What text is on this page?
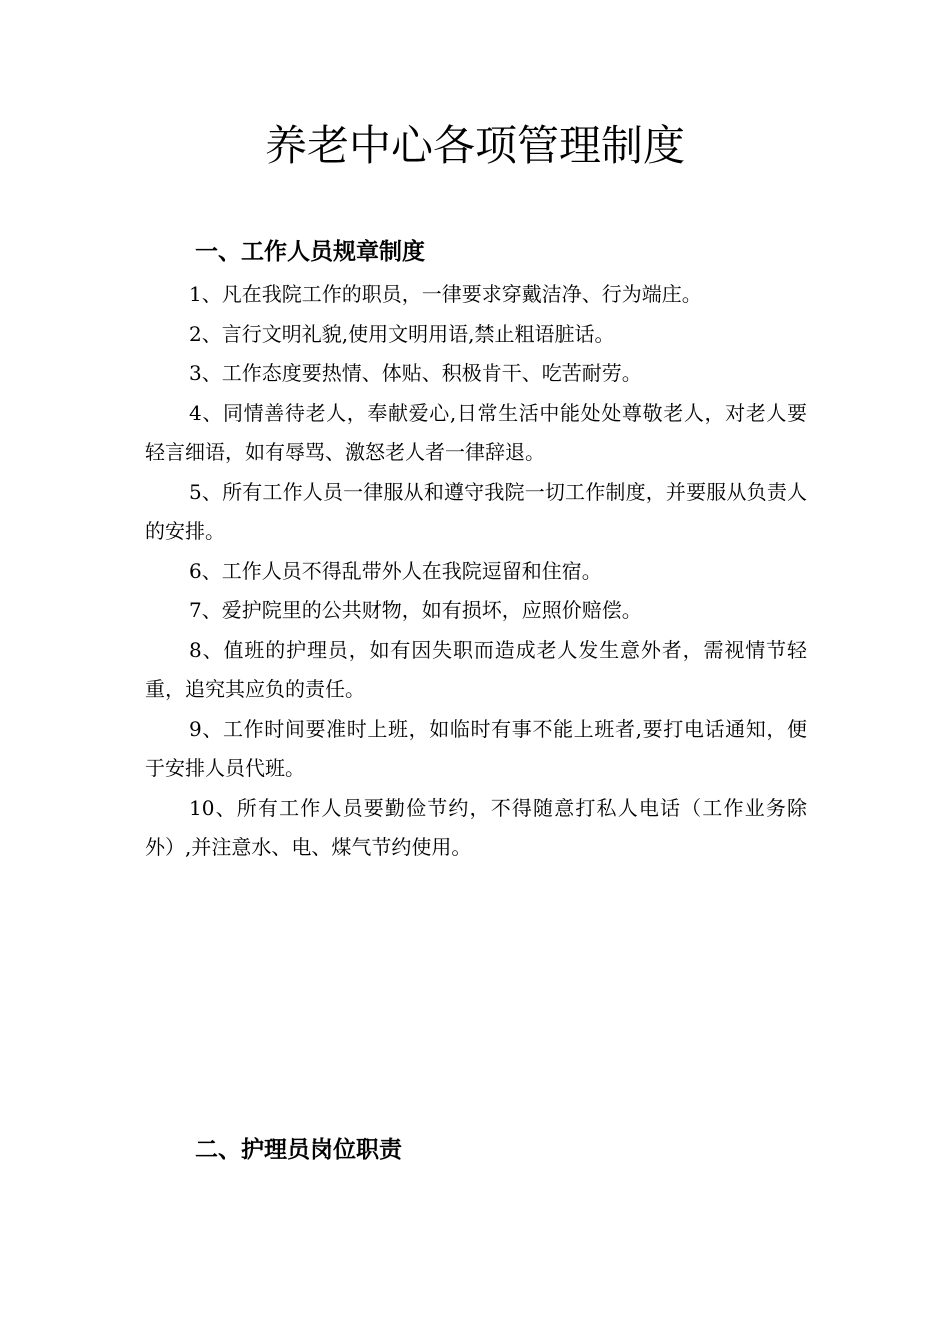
养老中心各项管理制度
一、工作人员规章制度
1、凡在我院工作的职员，一律要求穿戴洁净、行为端庄。
2、言行文明礼貌,使用文明用语,禁止粗语脏话。
3、工作态度要热情、体贴、积极肯干、吃苦耐劳。
4、同情善待老人，奉献爱心,日常生活中能处处尊敬老人，对老人要轻言细语，如有辱骂、激怒老人者一律辞退。
5、所有工作人员一律服从和遵守我院一切工作制度，并要服从负责人的安排。
6、工作人员不得乱带外人在我院逗留和住宿。
7、爱护院里的公共财物，如有损坏，应照价赔偿。
8、值班的护理员，如有因失职而造成老人发生意外者，需视情节轻重，追究其应负的责任。
9、工作时间要准时上班，如临时有事不能上班者,要打电话通知，便于安排人员代班。
10、所有工作人员要勤俭节约，不得随意打私人电话（工作业务除外）,并注意水、电、煤气节约使用。
二、护理员岗位职责
